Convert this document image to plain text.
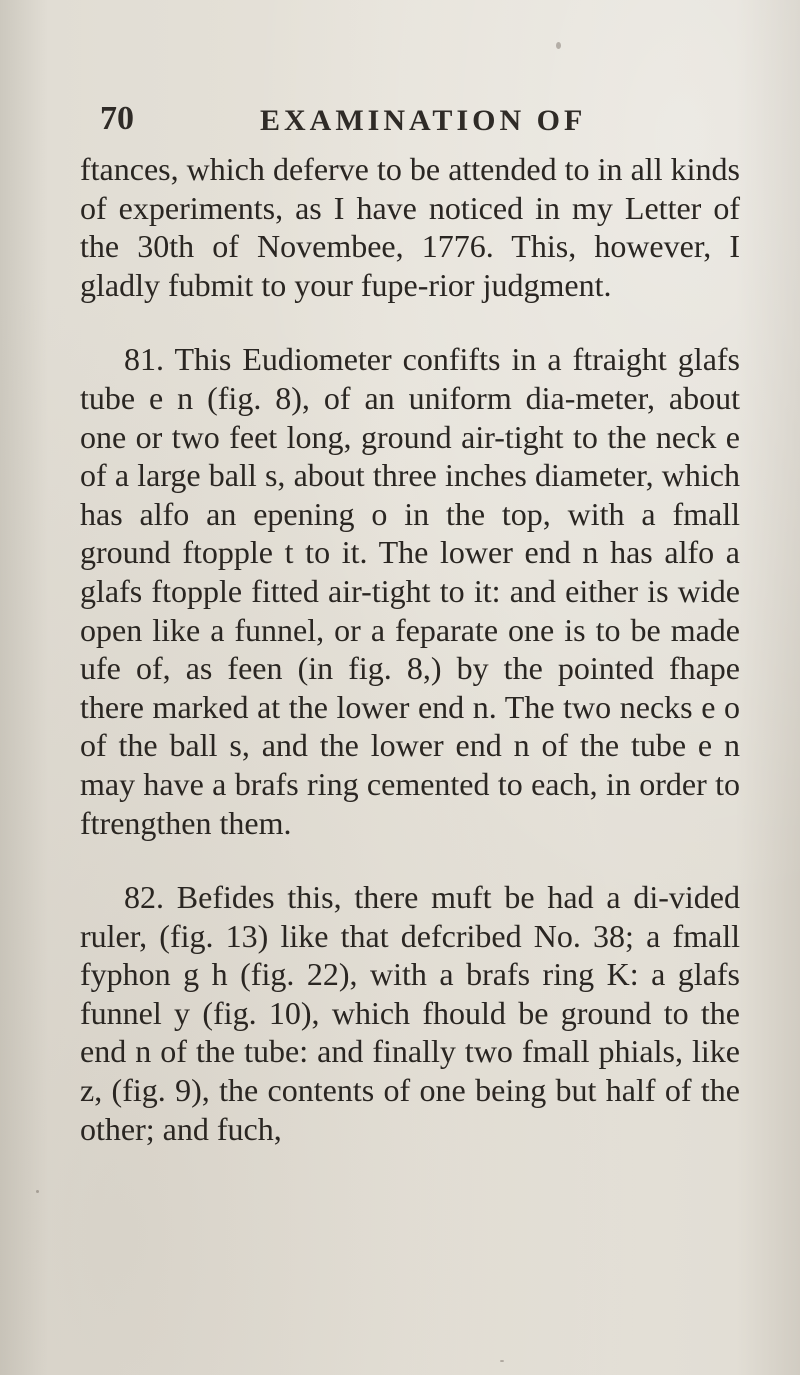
70	EXAMINATION OF

ftances, which deferve to be attended to in all kinds of experiments, as I have noticed in my Letter of the 30th of Novembee, 1776. This, however, I gladly fubmit to your fupe-rior judgment.

81. This Eudiometer confifts in a ftraight glafs tube e n (fig. 8), of an uniform dia-meter, about one or two feet long, ground air-tight to the neck e of a large ball s, about three inches diameter, which has alfo an epening o in the top, with a fmall ground ftopple t to it. The lower end n has alfo a glafs ftopple fitted air-tight to it: and either is wide open like a funnel, or a feparate one is to be made ufe of, as feen (in fig. 8,) by the pointed fhape there marked at the lower end n. The two necks e o of the ball s, and the lower end n of the tube e n may have a brafs ring cemented to each, in order to ftrengthen them.

82. Befides this, there muft be had a di-vided ruler, (fig. 13) like that defcribed No. 38; a fmall fyphon g h (fig. 22), with a brafs ring K: a glafs funnel y (fig. 10), which fhould be ground to the end n of the tube: and finally two fmall phials, like z, (fig. 9), the contents of one being but half of the other; and fuch,
